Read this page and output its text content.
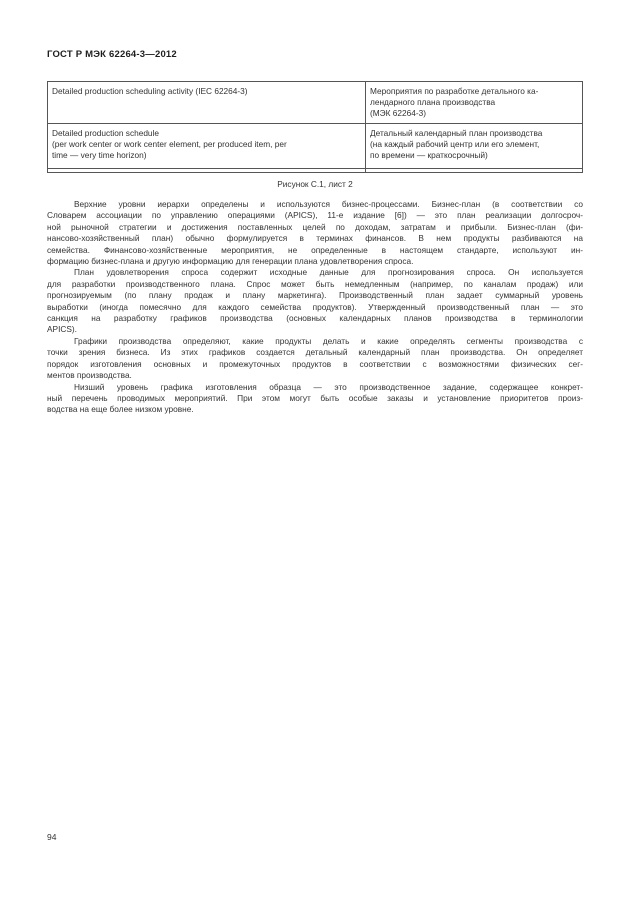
ГОСТ Р МЭК 62264-3—2012
Detailed production scheduling activity (IEC 62264-3)	Мероприятия по разработке детального ка-
лендарного плана производства
(МЭК 62264-3)

Detailed production schedule
(per work center or work center element, per produced item, per
time — very time horizon)	Детальный календарный план производства
(на каждый рабочий центр или его элемент,
по времени — краткосрочный)

Рисунок С.1, лист 2

Верхние уровни иерархи определены и используются бизнес-процессами. Бизнес-план (в соответствии со
Словарем ассоциации по управлению операциями (APICS), 11-е издание [6]) — это план реализации долгосроч-
ной рыночной стратегии и достижения поставленных целей по доходам, затратам и прибыли. Бизнес-план (фи-
нансово-хозяйственный план) обычно формулируется в терминах финансов. В нем продукты разбиваются на
семейства. Финансово-хозяйственные мероприятия, не определенные в настоящем стандарте, используют ин-
формацию бизнес-плана и другую информацию для генерации плана удовлетворения спроса.

План удовлетворения спроса содержит исходные данные для прогнозирования спроса. Он используется
для разработки производственного плана. Спрос может быть немедленным (например, по каналам продаж) или
прогнозируемым (по плану продаж и плану маркетинга). Производственный план задает суммарный уровень
выработки (иногда помесячно для каждого семейства продуктов). Утвержденный производственный план — это
санкция на разработку графиков производства (основных календарных планов производства в терминологии
APICS).

Графики производства определяют, какие продукты делать и какие определять сегменты производства с
точки зрения бизнеса. Из этих графиков создается детальный календарный план производства. Он определяет
порядок изготовления основных и промежуточных продуктов в соответствии с возможностями физических сег-
ментов производства.

Низший уровень графика изготовления образца — это производственное задание, содержащее конкрет-
ный перечень проводимых мероприятий. При этом могут быть особые заказы и установление приоритетов произ-
водства на еще более низком уровне.

94
